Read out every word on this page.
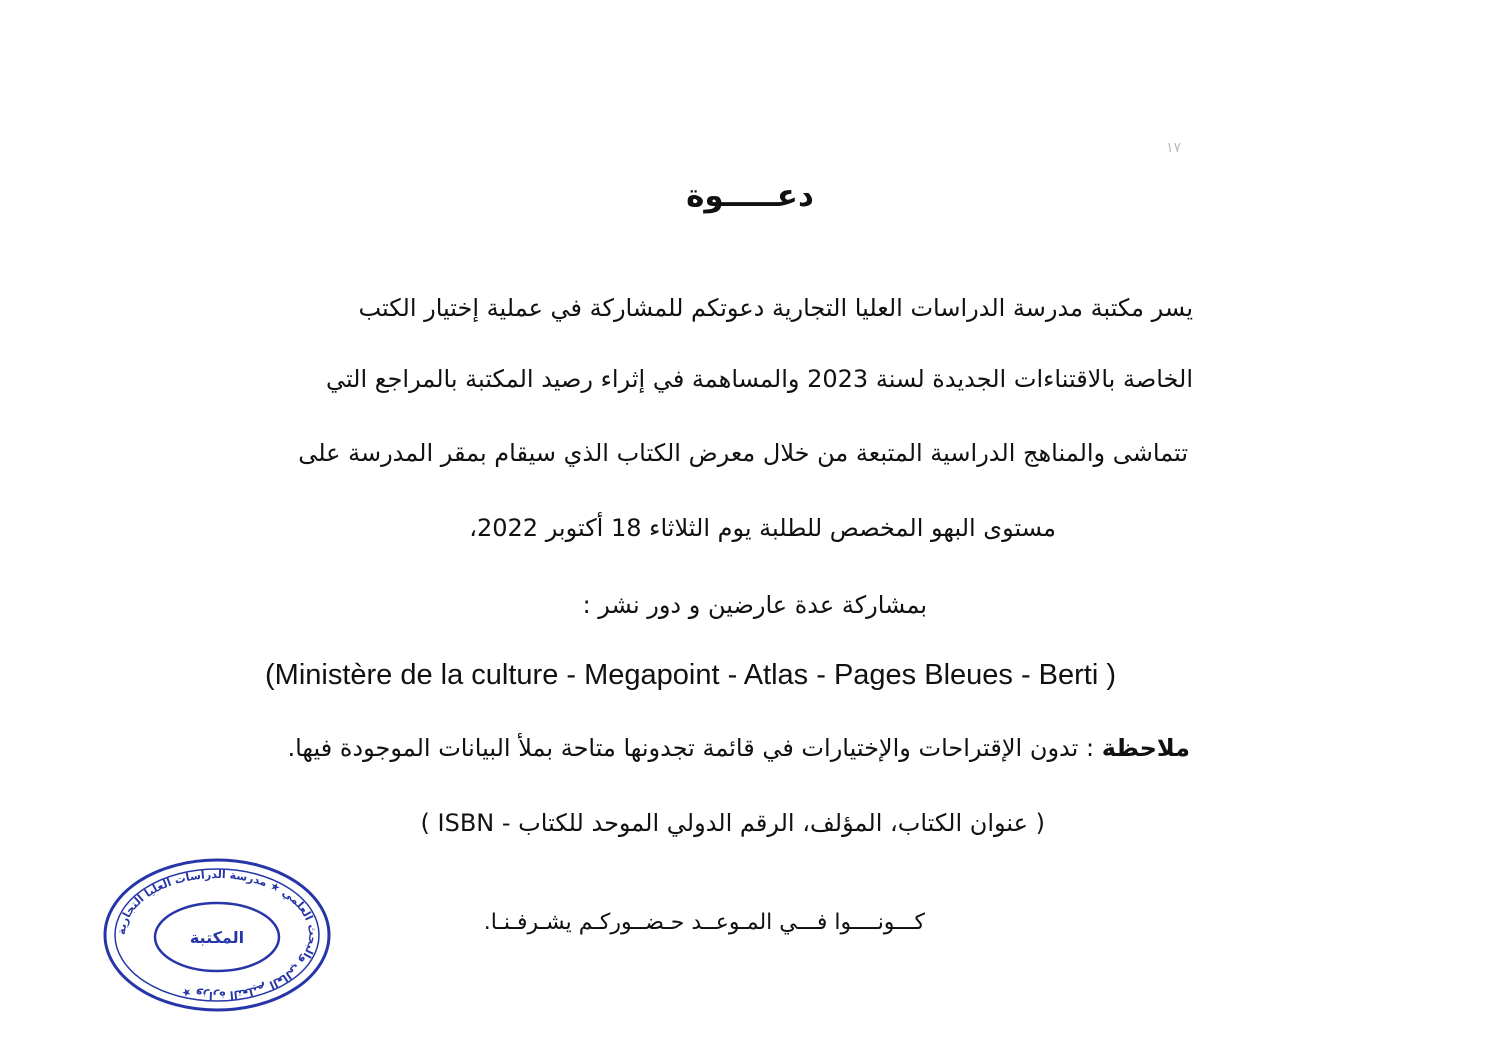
١٧
دعـــــوة
يسر مكتبة مدرسة الدراسات العليا التجارية دعوتكم للمشاركة في عملية إختيار الكتب
الخاصة بالاقتناءات الجديدة لسنة 2023 والمساهمة في إثراء رصيد المكتبة بالمراجع التي
تتماشى والمناهج الدراسية المتبعة من خلال معرض الكتاب الذي سيقام بمقر المدرسة على
مستوى البهو المخصص للطلبة يوم الثلاثاء 18 أكتوبر 2022،
بمشاركة عدة عارضين و دور نشر :
(Ministère de la culture - Megapoint - Atlas - Pages Bleues - Berti )
ملاحظة : تدون الإقتراحات والإختيارات في قائمة تجدونها متاحة بملأ البيانات الموجودة فيها.
( عنوان الكتاب، المؤلف، الرقم الدولي الموحد للكتاب - ISBN )
كـــونــــوا فـــي المـوعــد حـضــوركـم يشـرفـنـا.
وزارة التعليم العالي والبحث العلمي ★ مدرسة الدراسات العليا التجارية ★
المكتبة
